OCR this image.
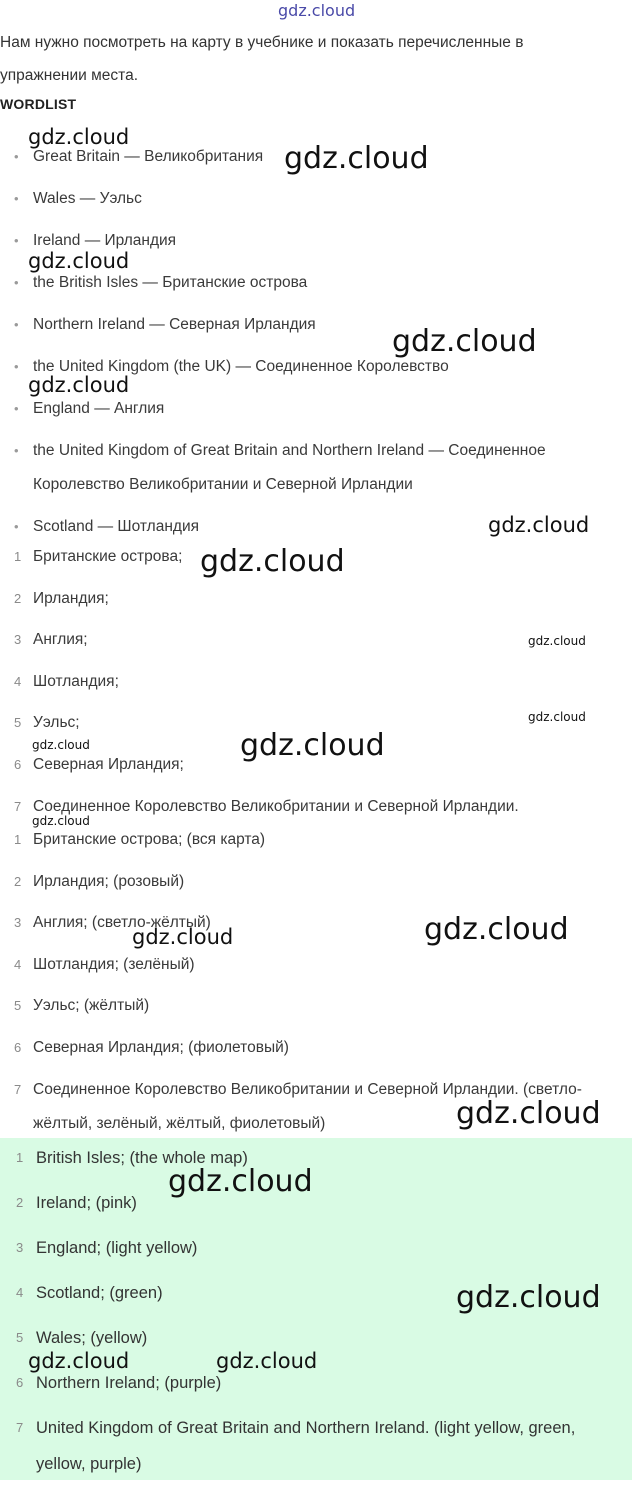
gdz.cloud
gdz.cloud
gdz.cloud
gdz.cloud
gdz.cloud
gdz.cloud
gdz.cloud
gdz.cloud
gdz.cloud
gdz.cloud
gdz.cloud	gdz.cloud
gdz.cloud
gdz.cloud
gdz.cloud
gdz.cloud
Нам нужно посмотреть на карту в учебнике и показать перечисленные в упражнении места.
WORDLIST
• Great Britain — Великобритания
• Wales — Уэльс
• Ireland — Ирландия
• the British Isles — Британские острова
• Northern Ireland — Северная Ирландия
• the United Kingdom (the UK) — Соединенное Королевство
• England — Англия
• the United Kingdom of Great Britain and Northern Ireland — Соединенное Королевство Великобритании и Северной Ирландии
• Scotland — Шотландия
1 Британские острова;
2 Ирландия;
3 Англия;
4 Шотландия;
5 Уэльс;
6 Северная Ирландия;
7 Соединенное Королевство Великобритании и Северной Ирландии.
1 Британские острова; (вся карта)
2 Ирландия; (розовый)
3 Англия; (светло-жёлтый)
4 Шотландия; (зелёный)
5 Уэльс; (жёлтый)
6 Северная Ирландия; (фиолетовый)
7 Соединенное Королевство Великобритании и Северной Ирландии. (светло-жёлтый, зелёный, жёлтый, фиолетовый)
1 British Isles; (the whole map)
2 Ireland; (pink)
3 England; (light yellow)
4 Scotland; (green)
5 Wales; (yellow)
6 Northern Ireland; (purple)
7 United Kingdom of Great Britain and Northern Ireland. (light yellow, green, yellow, purple)
gdz.cloud
gdz.cloud
gdz.cloud	gdz.cloud
